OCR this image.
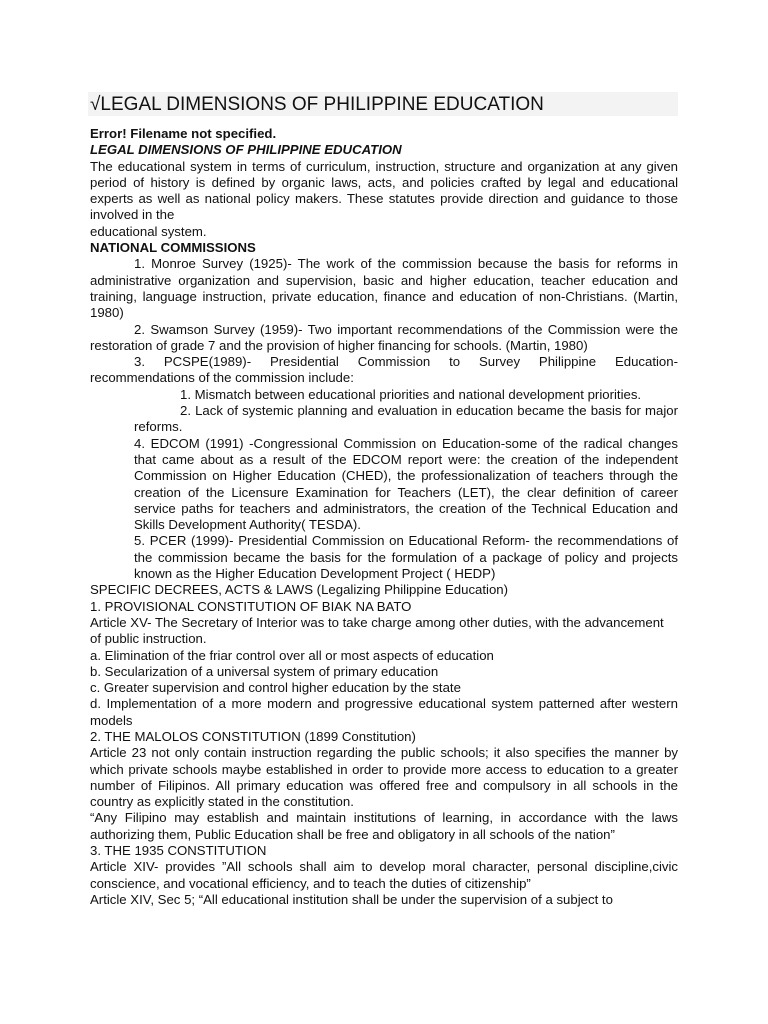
√LEGAL DIMENSIONS OF PHILIPPINE EDUCATION

Error! Filename not specified.

LEGAL DIMENSIONS OF PHILIPPINE EDUCATION

The educational system in terms of curriculum, instruction, structure and organization at any given period of history is defined by organic laws, acts, and policies crafted by legal and educational experts as well as national policy makers. These statutes provide direction and guidance to those involved in the

educational system.

NATIONAL COMMISSIONS

1. Monroe Survey (1925)- The work of the commission because the basis for reforms in administrative organization and supervision, basic and higher education, teacher education and training, language instruction, private education, finance and education of non-Christians. (Martin, 1980)

2. Swamson Survey (1959)- Two important recommendations of the Commission were the restoration of grade 7 and the provision of higher financing for schools. (Martin, 1980)

3. PCSPE(1989)- Presidential Commission to Survey Philippine Education- recommendations of the commission include:

1. Mismatch between educational priorities and national development priorities.

2. Lack of systemic planning and evaluation in education became the basis for major reforms.

4. EDCOM (1991) -Congressional Commission on Education-some of the radical changes that came about as a result of the EDCOM report were: the creation of the independent Commission on Higher Education (CHED), the professionalization of teachers through the creation of the Licensure Examination for Teachers (LET), the clear definition of career service paths for teachers and administrators, the creation of the Technical Education and Skills Development Authority( TESDA).

5. PCER (1999)- Presidential Commission on Educational Reform- the recommendations of the commission became the basis for the formulation of a package of policy and projects known as the Higher Education Development Project ( HEDP)

SPECIFIC DECREES, ACTS & LAWS (Legalizing Philippine Education)

1. PROVISIONAL CONSTITUTION OF BIAK NA BATO

Article XV- The Secretary of Interior was to take charge among other duties, with the advancement of public instruction.

a. Elimination of the friar control over all or most aspects of education

b. Secularization of a universal system of primary education

c. Greater supervision and control higher education by the state

d. Implementation of a more modern and progressive educational system patterned after western models

2. THE MALOLOS CONSTITUTION (1899 Constitution)

Article 23 not only contain instruction regarding the public schools; it also specifies the manner by which private schools maybe established in order to provide more access to education to a greater number of Filipinos. All primary education was offered free and compulsory in all schools in the country as explicitly stated in the constitution.

“Any Filipino may establish and maintain institutions of learning, in accordance with the laws authorizing them, Public Education shall be free and obligatory in all schools of the nation”

3. THE 1935 CONSTITUTION

Article XIV- provides ”All schools shall aim to develop moral character, personal discipline,civic conscience, and vocational efficiency, and to teach the duties of citizenship”

Article XIV, Sec 5; “All educational institution shall be under the supervision of a subject to
